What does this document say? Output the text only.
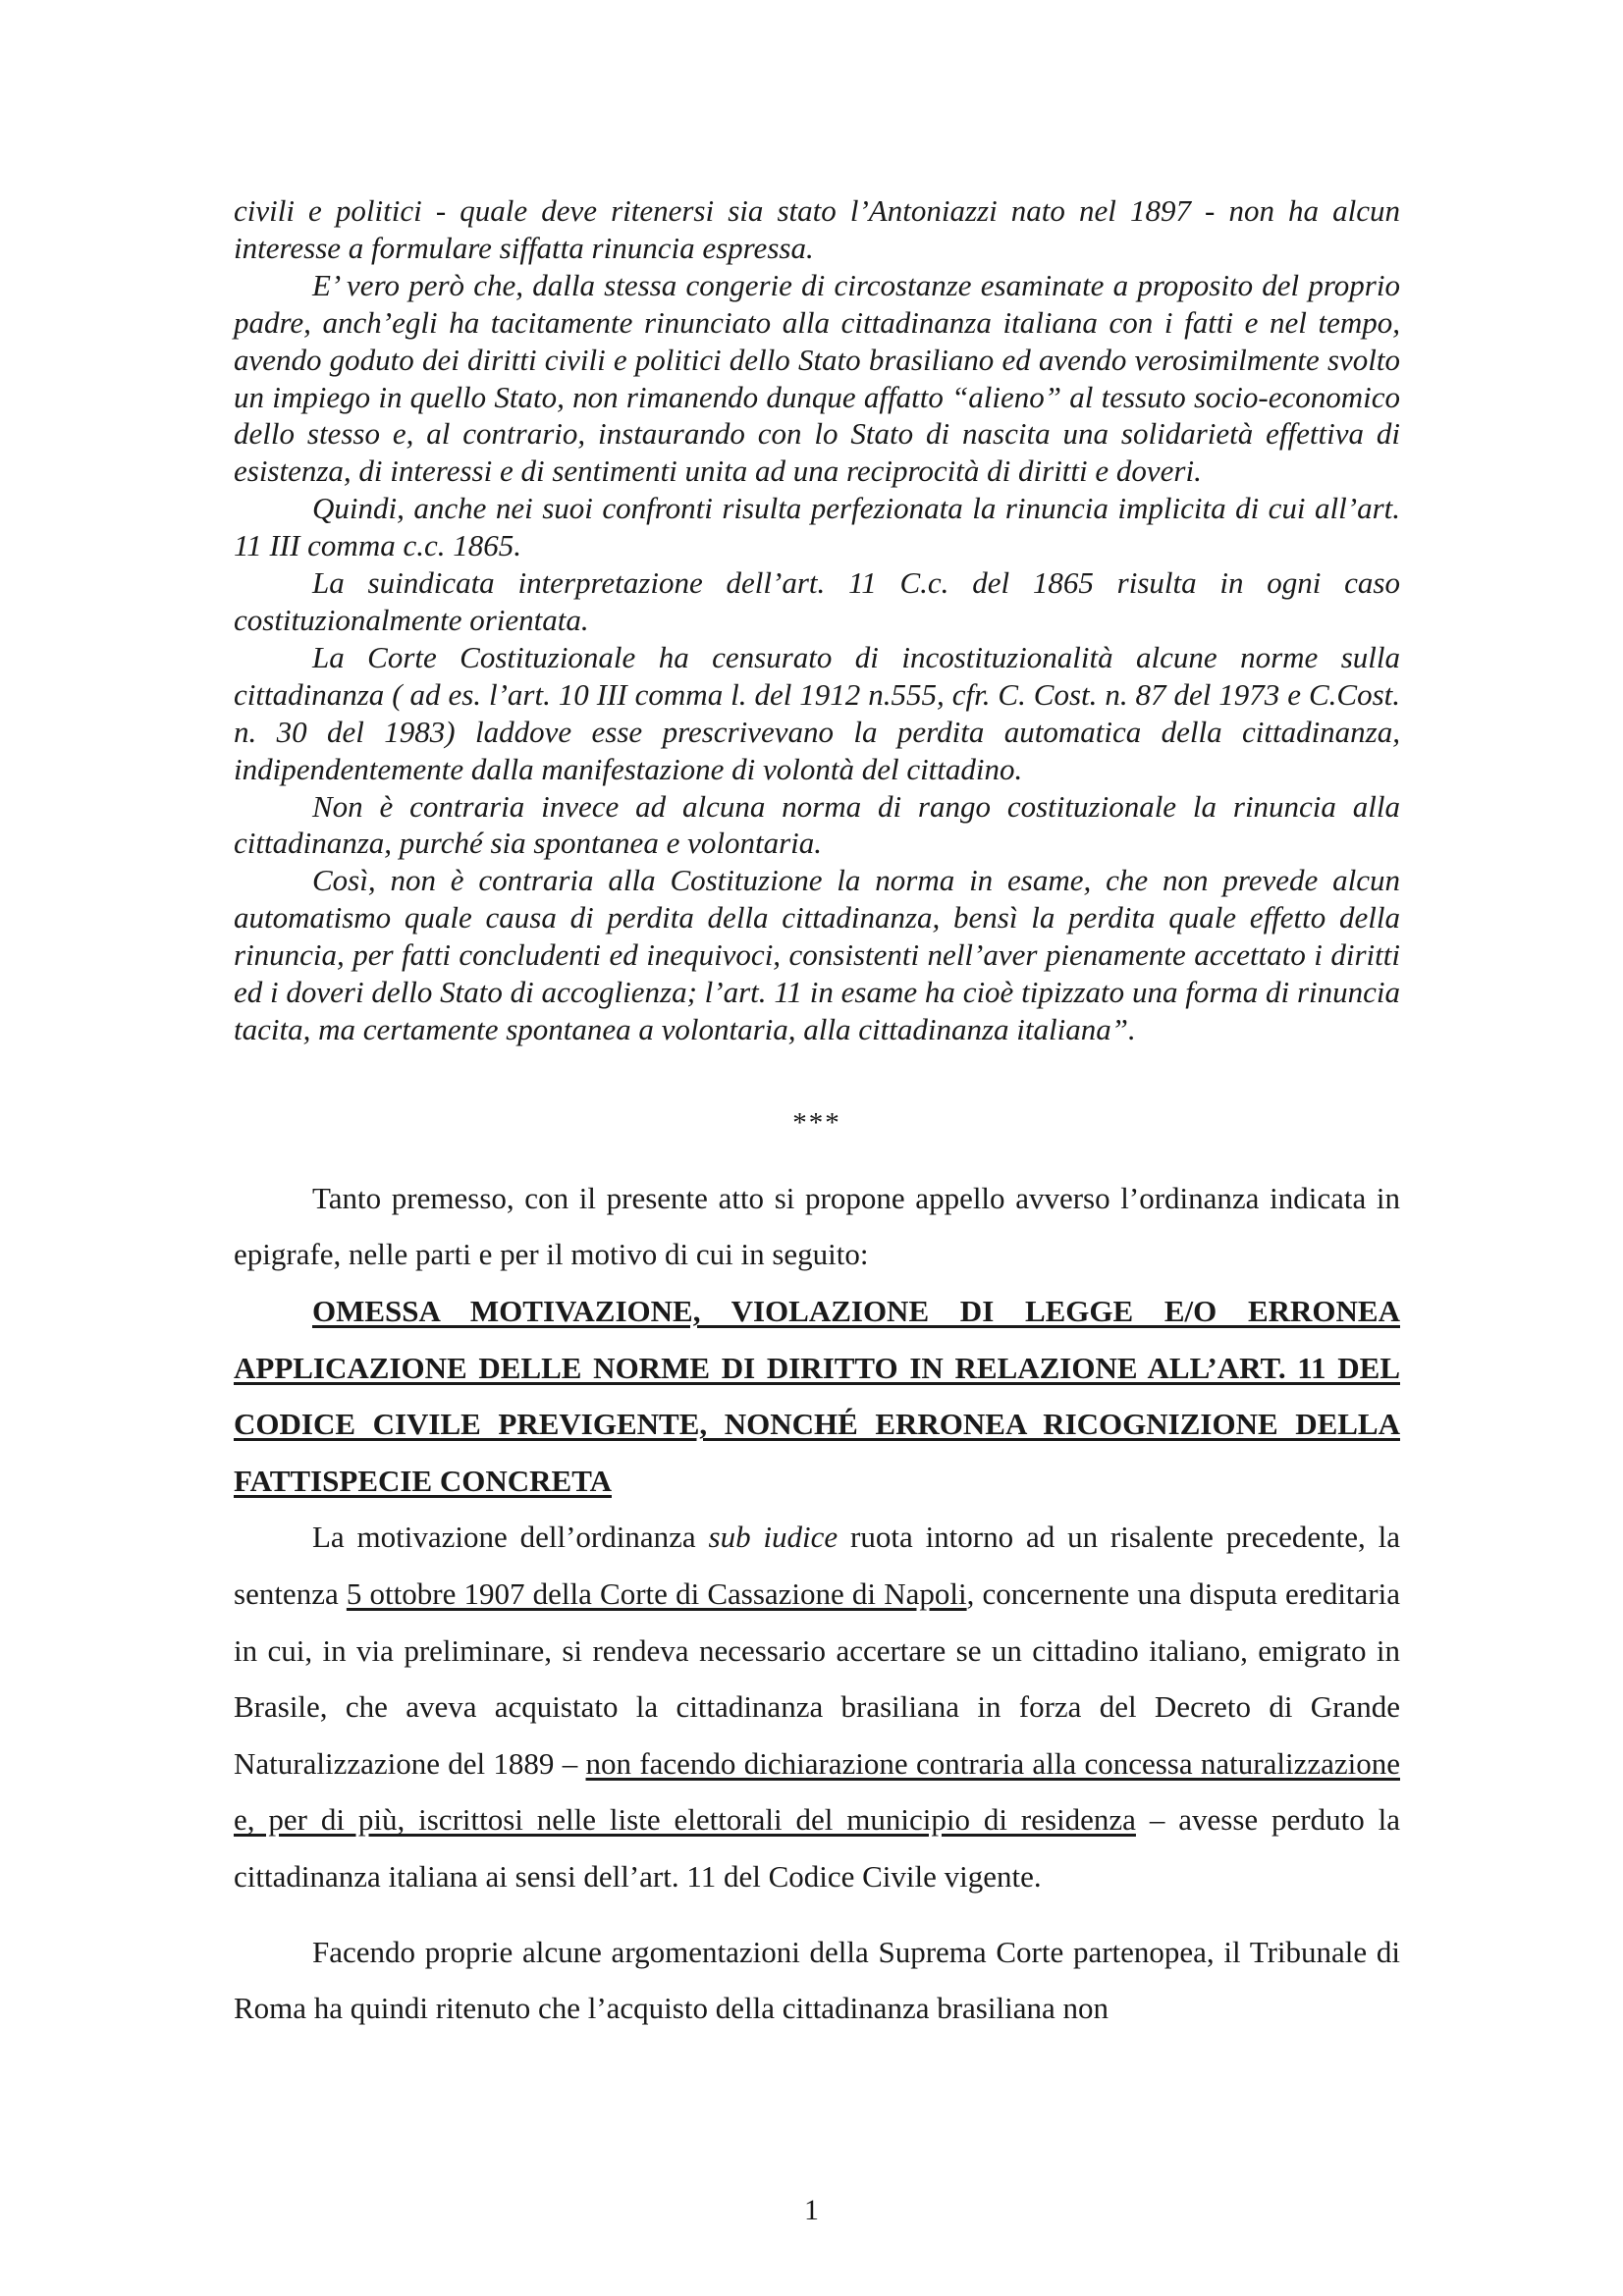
civili e politici - quale deve ritenersi sia stato l’Antoniazzi nato nel 1897 - non ha alcun interesse a formulare siffatta rinuncia espressa.

E’ vero però che, dalla stessa congerie di circostanze esaminate a proposito del proprio padre, anch’egli ha tacitamente rinunciato alla cittadinanza italiana con i fatti e nel tempo, avendo goduto dei diritti civili e politici dello Stato brasiliano ed avendo verosimilmente svolto un impiego in quello Stato, non rimanendo dunque affatto “alieno” al tessuto socio-economico dello stesso e, al contrario, instaurando con lo Stato di nascita una solidarietà effettiva di esistenza, di interessi e di sentimenti unita ad una reciprocità di diritti e doveri.

Quindi, anche nei suoi confronti risulta perfezionata la rinuncia implicita di cui all’art. 11 III comma c.c. 1865.

La suindicata interpretazione dell’art. 11 C.c. del 1865 risulta in ogni caso costituzionalmente orientata.

La Corte Costituzionale ha censurato di incostituzionalità alcune norme sulla cittadinanza ( ad es. l’art. 10 III comma l. del 1912 n.555, cfr. C. Cost. n. 87 del 1973 e C.Cost. n. 30 del 1983) laddove esse prescrivevano la perdita automatica della cittadinanza, indipendentemente dalla manifestazione di volontà del cittadino.

Non è contraria invece ad alcuna norma di rango costituzionale la rinuncia alla cittadinanza, purché sia spontanea e volontaria.

Così, non è contraria alla Costituzione la norma in esame, che non prevede alcun automatismo quale causa di perdita della cittadinanza, bensì la perdita quale effetto della rinuncia, per fatti concludenti ed inequivoci, consistenti nell’aver pienamente accettato i diritti ed i doveri dello Stato di accoglienza; l’art. 11 in esame ha cioè tipizzato una forma di rinuncia tacita, ma certamente spontanea a volontaria, alla cittadinanza italiana”.

***

Tanto premesso, con il presente atto si propone appello avverso l’ordinanza indicata in epigrafe, nelle parti e per il motivo di cui in seguito:

OMESSA MOTIVAZIONE, VIOLAZIONE DI LEGGE E/O ERRONEA APPLICAZIONE DELLE NORME DI DIRITTO IN RELAZIONE ALL’ART. 11 DEL CODICE CIVILE PREVIGENTE, NONCHÉ ERRONEA RICOGNIZIONE DELLA FATTISPECIE CONCRETA

La motivazione dell’ordinanza sub iudice ruota intorno ad un risalente precedente, la sentenza 5 ottobre 1907 della Corte di Cassazione di Napoli, concernente una disputa ereditaria in cui, in via preliminare, si rendeva necessario accertare se un cittadino italiano, emigrato in Brasile, che aveva acquistato la cittadinanza brasiliana in forza del Decreto di Grande Naturalizzazione del 1889 – non facendo dichiarazione contraria alla concessa naturalizzazione e, per di più, iscrittosi nelle liste elettorali del municipio di residenza – avesse perduto la cittadinanza italiana ai sensi dell’art. 11 del Codice Civile vigente.

Facendo proprie alcune argomentazioni della Suprema Corte partenopea, il Tribunale di Roma ha quindi ritenuto che l’acquisto della cittadinanza brasiliana non

1
